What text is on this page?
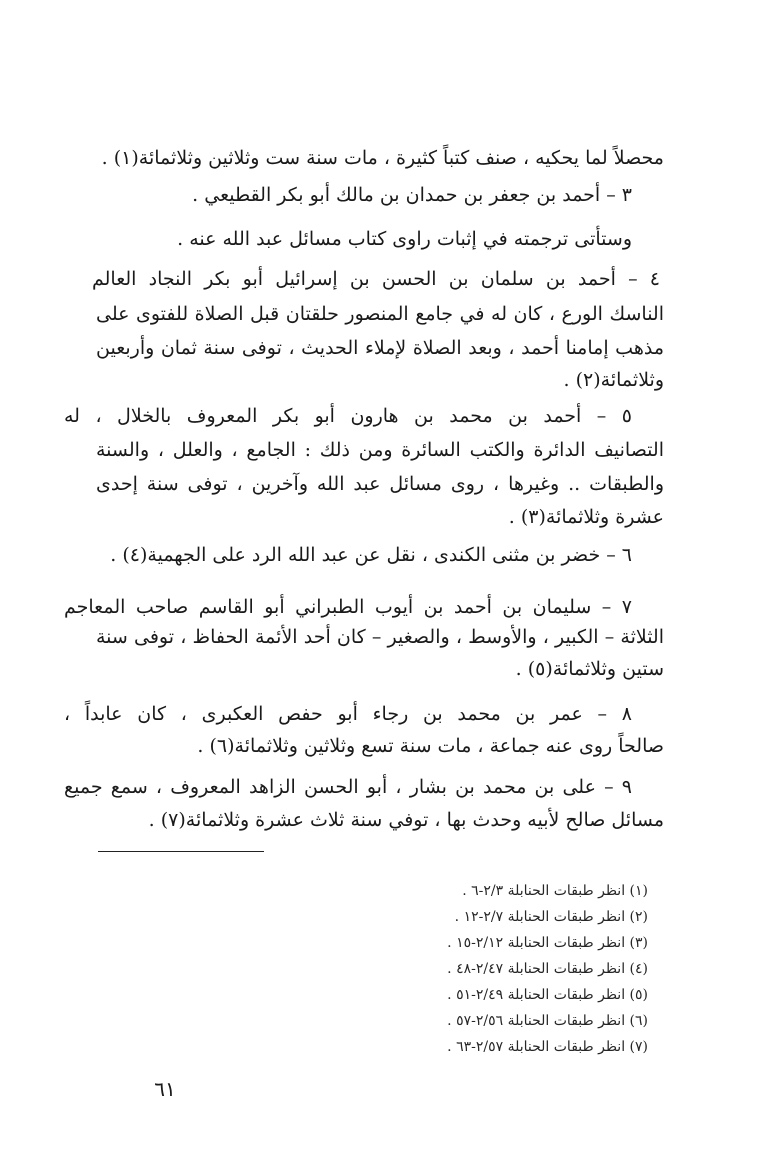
محصلاً لما يحكيه ، صنف كتباً كثيرة ، مات سنة ست وثلاثين وثلاثمائة(١) .
٣ – أحمد بن جعفر بن حمدان بن مالك أبو بكر القطيعي .
وستأتى ترجمته في إثبات راوى كتاب مسائل عبد الله عنه .
٤ – أحمد بن سلمان بن الحسن بن إسرائيل أبو بكر النجاد العالم
الناسك الورع ، كان له في جامع المنصور حلقتان قبل الصلاة للفتوى على
مذهب إمامنا أحمد ، وبعد الصلاة لإملاء الحديث ، توفى سنة ثمان وأربعين
وثلاثمائة(٢) .
٥ – أحمد بن محمد بن هارون أبو بكر المعروف بالخلال ، له
التصانيف الدائرة والكتب السائرة ومن ذلك : الجامع ، والعلل ، والسنة
والطبقات .. وغيرها ، روى مسائل عبد الله وآخرين ، توفى سنة إحدى
عشرة وثلاثمائة(٣) .
٦ – خضر بن مثنى الكندى ، نقل عن عبد الله الرد على الجهمية(٤) .
٧ – سليمان بن أحمد بن أيوب الطبراني أبو القاسم صاحب المعاجم
الثلاثة – الكبير ، والأوسط ، والصغير – كان أحد الأئمة الحفاظ ، توفى سنة
ستين وثلاثمائة(٥) .
٨ – عمر بن محمد بن رجاء أبو حفص العكبرى ، كان عابداً ،
صالحاً روى عنه جماعة ، مات سنة تسع وثلاثين وثلاثمائة(٦) .
٩ – على بن محمد بن بشار ، أبو الحسن الزاهد المعروف ، سمع جميع
مسائل صالح لأبيه وحدث بها ، توفي سنة ثلاث عشرة وثلاثمائة(٧) .
(١) انظر طبقات الحنابلة ٢/٣-٦ .
(٢) انظر طبقات الحنابلة ٢/٧-١٢ .
(٣) انظر طبقات الحنابلة ٢/١٢-١٥ .
(٤) انظر طبقات الحنابلة ٢/٤٧-٤٨ .
(٥) انظر طبقات الحنابلة ٢/٤٩-٥١ .
(٦) انظر طبقات الحنابلة ٢/٥٦-٥٧ .
(٧) انظر طبقات الحنابلة ٢/٥٧-٦٣ .
٦١
